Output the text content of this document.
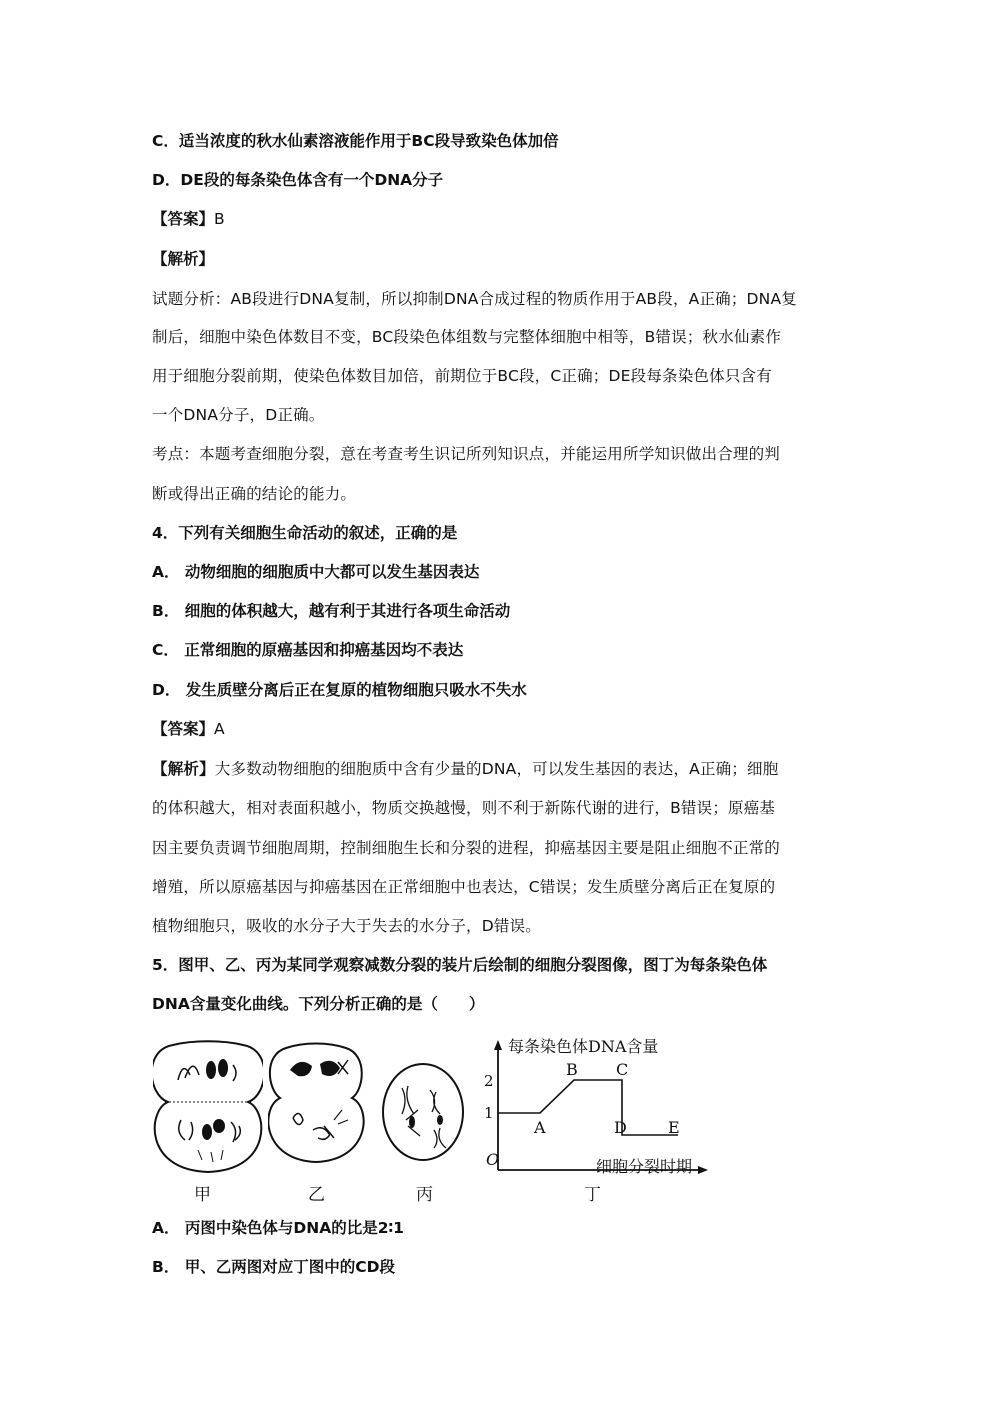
C．适当浓度的秋水仙素溶液能作用于BC段导致染色体加倍
D．DE段的每条染色体含有一个DNA分子
【答案】B
【解析】
试题分析：AB段进行DNA复制，所以抑制DNA合成过程的物质作用于AB段，A正确；DNA复
制后，细胞中染色体数目不变，BC段染色体组数与完整体细胞中相等，B错误；秋水仙素作
用于细胞分裂前期，使染色体数目加倍，前期位于BC段，C正确；DE段每条染色体只含有
一个DNA分子，D正确。
考点：本题考查细胞分裂，意在考查考生识记所列知识点，并能运用所学知识做出合理的判
断或得出正确的结论的能力。
4．下列有关细胞生命活动的叙述，正确的是
A． 动物细胞的细胞质中大都可以发生基因表达
B． 细胞的体积越大，越有利于其进行各项生命活动
C． 正常细胞的原癌基因和抑癌基因均不表达
D． 发生质壁分离后正在复原的植物细胞只吸水不失水
【答案】A
【解析】大多数动物细胞的细胞质中含有少量的DNA，可以发生基因的表达，A正确；细胞
的体积越大，相对表面积越小，物质交换越慢，则不利于新陈代谢的进行，B错误；原癌基
因主要负责调节细胞周期，控制细胞生长和分裂的进程，抑癌基因主要是阻止细胞不正常的
增殖，所以原癌基因与抑癌基因在正常细胞中也表达，C错误；发生质壁分离后正在复原的
植物细胞只，吸收的水分子大于失去的水分子，D错误。
5．图甲、乙、丙为某同学观察减数分裂的装片后绘制的细胞分裂图像，图丁为每条染色体
DNA含量变化曲线。下列分析正确的是（　　）
每条染色体DNA含量
2
1
A
B C
D	E
O	细胞分裂时期
甲	乙	丙	丁
A． 丙图中染色体与DNA的比是2∶1
B． 甲、乙两图对应丁图中的CD段
